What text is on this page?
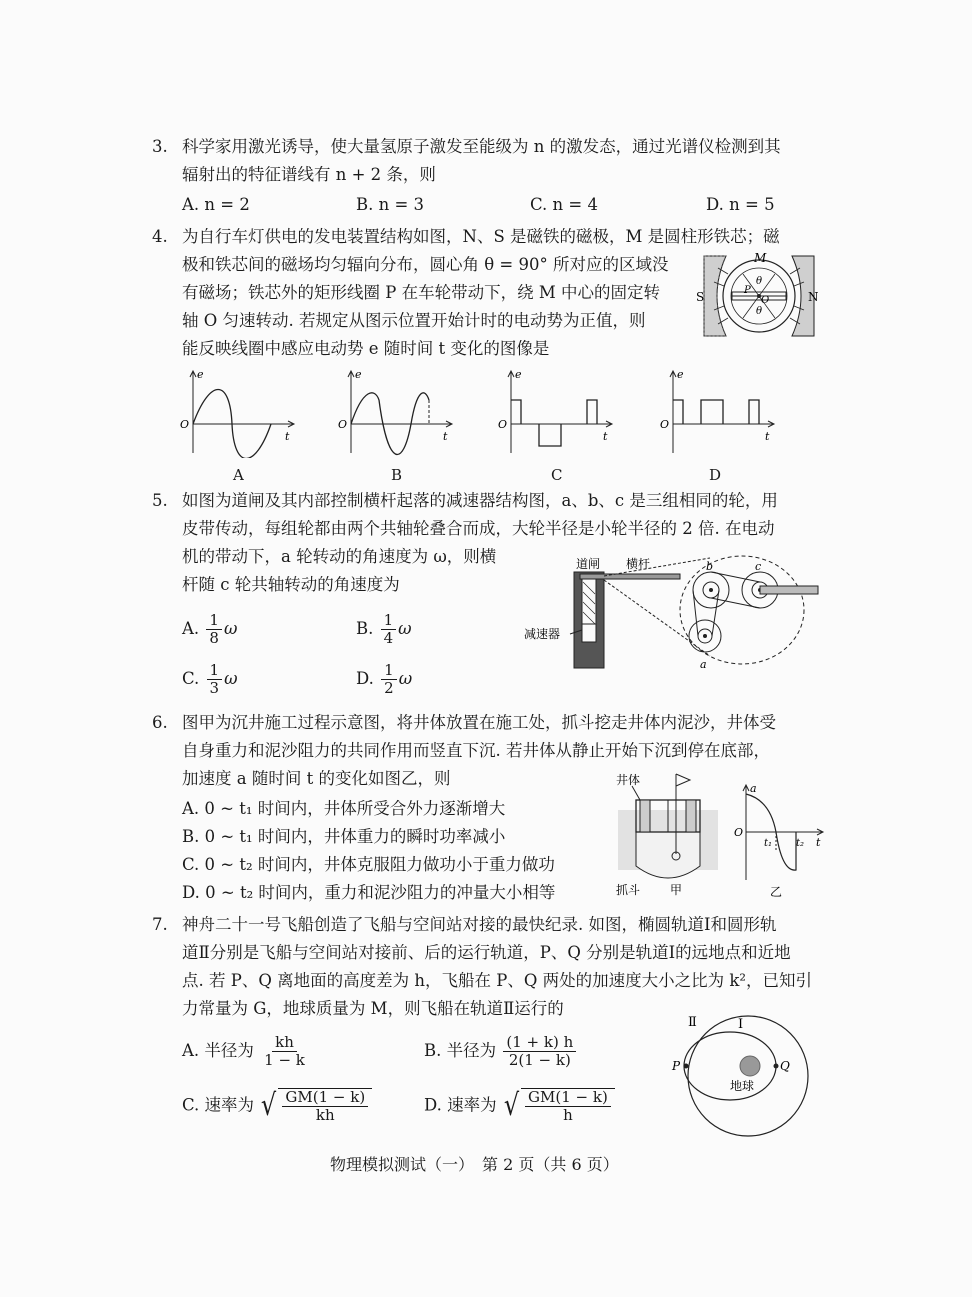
3. 科学家用激光诱导，使大量氢原子激发至能级为 n 的激发态，通过光谱仪检测到其
辐射出的特征谱线有 n + 2 条，则
A. n = 2	B. n = 3	C. n = 4	D. n = 5
4. 为自行车灯供电的发电装置结构如图，N、S 是磁铁的磁极，M 是圆柱形铁芯；磁
极和铁芯间的磁场均匀辐向分布，圆心角 θ = 90° 所对应的区域没
有磁场；铁芯外的矩形线圈 P 在车轮带动下，绕 M 中心的固定转
轴 O 匀速转动. 若规定从图示位置开始计时的电动势为正值，则
能反映线圈中感应电动势 e 随时间 t 变化的图像是
M
S	N
P
O
θ
θ
e
t
O
e
t
O
e
t
O
e
t
O
A	B	C	D
5. 如图为道闸及其内部控制横杆起落的减速器结构图，a、b、c 是三组相同的轮，用
皮带传动，每组轮都由两个共轴轮叠合而成，大轮半径是小轮半径的 2 倍. 在电动
机的带动下，a 轮转动的角速度为 ω，则横
杆随 c 轮共轴转动的角速度为
A. $\frac{1}{8}$ ω	B. $\frac{1}{4}$ ω
C. $\frac{1}{3}$ ω	D. $\frac{1}{2}$ ω
道闸 横杆
减速器
b	c
a
6. 图甲为沉井施工过程示意图，将井体放置在施工处，抓斗挖走井体内泥沙，井体受
自身重力和泥沙阻力的共同作用而竖直下沉. 若井体从静止开始下沉到停在底部，
加速度 a 随时间 t 的变化如图乙，则
A. 0 ~ t₁ 时间内，井体所受合外力逐渐增大
B. 0 ~ t₁ 时间内，井体重力的瞬时功率减小
C. 0 ~ t₂ 时间内，井体克服阻力做功小于重力做功
D. 0 ~ t₂ 时间内，重力和泥沙阻力的冲量大小相等
井体
抓斗 甲
a
t
O
t₁ t₂
乙
7. 神舟二十一号飞船创造了飞船与空间站对接的最快纪录. 如图，椭圆轨道Ⅰ和圆形轨
道Ⅱ分别是飞船与空间站对接前、后的运行轨道，P、Q 分别是轨道Ⅰ的远地点和近地
点. 若 P、Q 离地面的高度差为 h，飞船在 P、Q 两处的加速度大小之比为 k²，已知引
力常量为 G，地球质量为 M，则飞船在轨道Ⅱ运行的
A. 半径为 $\frac{kh}{1 - k}$	B. 半径为 $\frac{(1 + k) h}{2(1 - k)}$
C. 速率为 √ $\frac{GM(1 - k)}{kh}$	D. 速率为 √ $\frac{GM(1 - k)}{h}$
Ⅱ	Ⅰ
P	Q
地球
物理模拟测试（一）　第 2 页（共 6 页）
